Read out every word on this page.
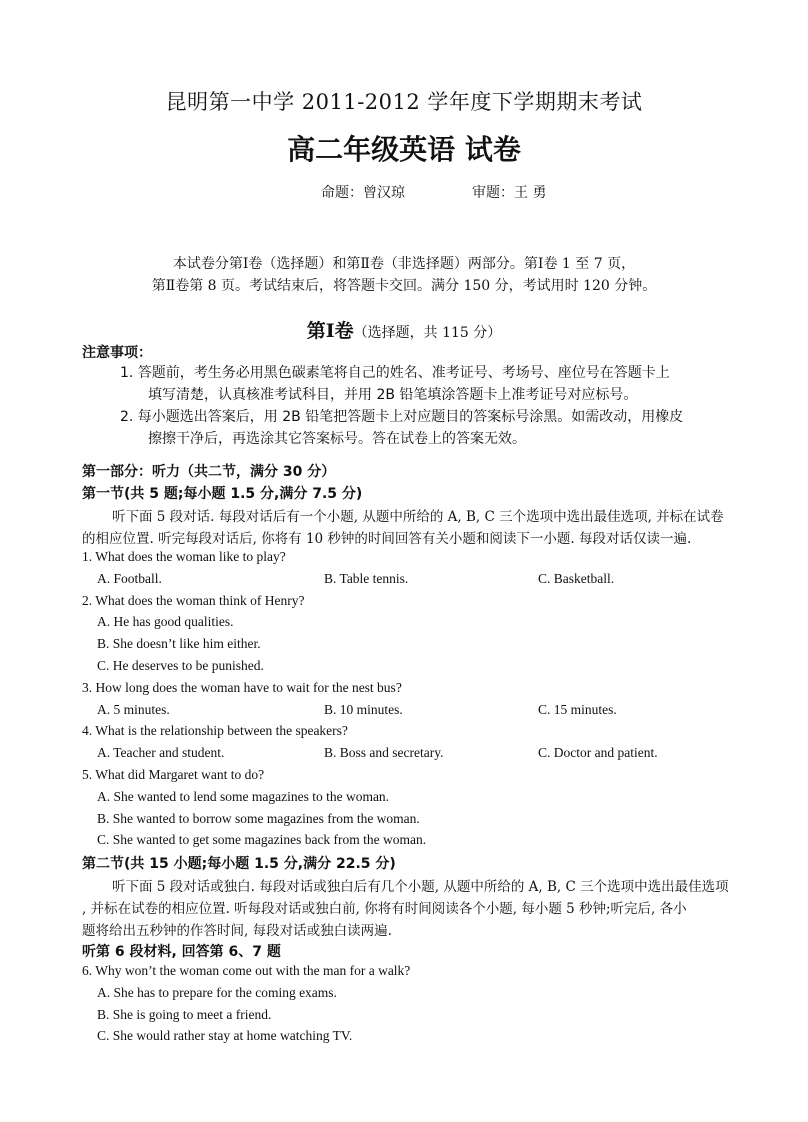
昆明第一中学 2011-2012 学年度下学期期末考试
高二年级英语 试卷
命题：曾汉琼	审题：王 勇
本试卷分第Ⅰ卷（选择题）和第Ⅱ卷（非选择题）两部分。第Ⅰ卷 1 至 7 页，
第Ⅱ卷第 8 页。考试结束后，将答题卡交回。满分 150 分，考试用时 120 分钟。
第Ⅰ卷（选择题，共 115 分）
注意事项：
1. 答题前，考生务必用黑色碳素笔将自己的姓名、准考证号、考场号、座位号在答题卡上
填写清楚，认真核准考试科目，并用 2B 铅笔填涂答题卡上准考证号对应标号。
2. 每小题选出答案后，用 2B 铅笔把答题卡上对应题目的答案标号涂黑。如需改动，用橡皮
擦擦干净后，再选涂其它答案标号。答在试卷上的答案无效。
第一部分：听力（共二节，满分 30 分）
第一节(共 5 题;每小题 1.5 分,满分 7.5 分)
听下面 5 段对话. 每段对话后有一个小题, 从题中所给的 A, B, C 三个选项中选出最佳选项, 并标在试卷
的相应位置. 听完每段对话后, 你将有 10 秒钟的时间回答有关小题和阅读下一小题. 每段对话仅读一遍.
1. What does the woman like to play?
A. Football.	B. Table tennis.	C. Basketball.
2. What does the woman think of Henry?
A. He has good qualities.
B. She doesn’t like him either.
C. He deserves to be punished.
3. How long does the woman have to wait for the nest bus?
A. 5 minutes.	B. 10 minutes.	C. 15 minutes.
4. What is the relationship between the speakers?
A. Teacher and student.	B. Boss and secretary.	C. Doctor and patient.
5. What did Margaret want to do?
A. She wanted to lend some magazines to the woman.
B. She wanted to borrow some magazines from the woman.
C. She wanted to get some magazines back from the woman.
第二节(共 15 小题;每小题 1.5 分,满分 22.5 分)
听下面 5 段对话或独白. 每段对话或独白后有几个小题, 从题中所给的 A, B, C 三个选项中选出最佳选项
, 并标在试卷的相应位置. 听每段对话或独白前, 你将有时间阅读各个小题, 每小题 5 秒钟;听完后, 各小
题将给出五秒钟的作答时间, 每段对话或独白读两遍.
听第 6 段材料, 回答第 6、7 题
6. Why won’t the woman come out with the man for a walk?
A. She has to prepare for the coming exams.
B. She is going to meet a friend.
C. She would rather stay at home watching TV.
